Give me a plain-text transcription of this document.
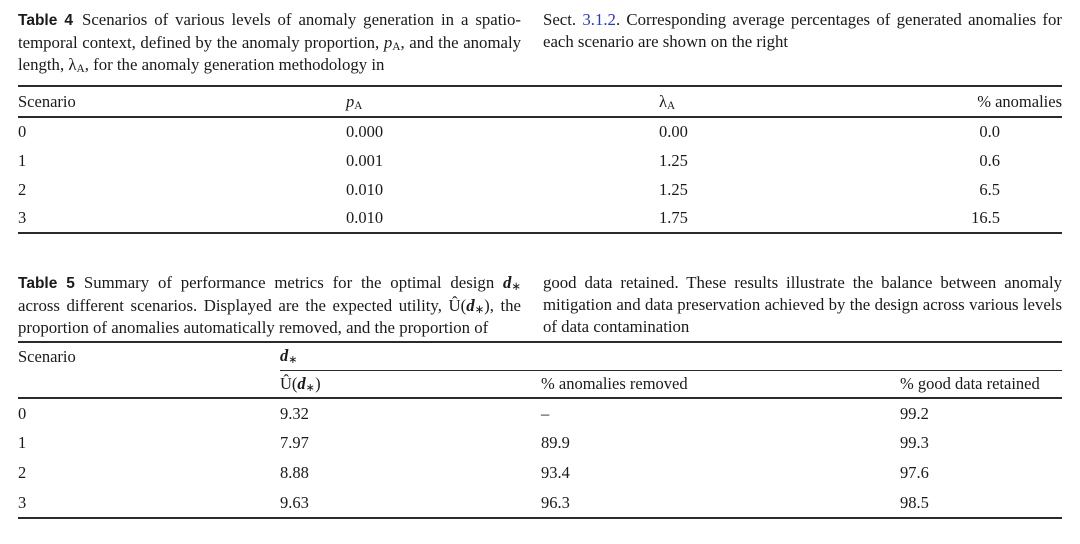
Table 4 Scenarios of various levels of anomaly generation in a spatio-temporal context, defined by the anomaly proportion, $p_A$, and the anomaly length, $\lambda_A$, for the anomaly generation methodology in
Sect. 3.1.2. Corresponding average percentages of generated anomalies for each scenario are shown on the right
Scenario	$p_A$	$\lambda_A$	% anomalies
0	0.000	0.00	0.0
1	0.001	1.25	0.6
2	0.010	1.25	6.5
3	0.010	1.75	16.5
Table 5 Summary of performance metrics for the optimal design $d_∗$ across different scenarios. Displayed are the expected utility, $Û(d_∗)$, the proportion of anomalies automatically removed, and the proportion of
good data retained. These results illustrate the balance between anomaly mitigation and data preservation achieved by the design across various levels of data contamination
Scenario	$d_∗$
	$Û(d_∗)$	% anomalies removed	% good data retained
0	9.32	–	99.2
1	7.97	89.9	99.3
2	8.88	93.4	97.6
3	9.63	96.3	98.5
